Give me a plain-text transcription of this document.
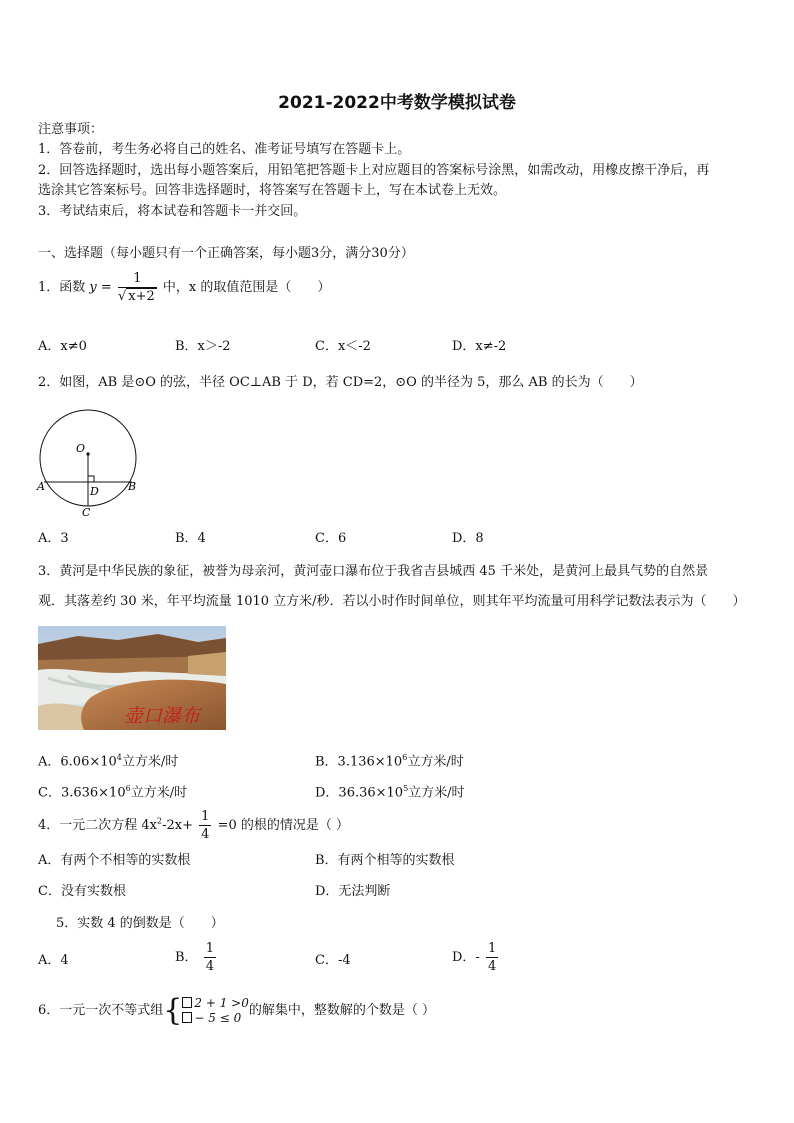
2021-2022中考数学模拟试卷
注意事项：
1．答卷前，考生务必将自己的姓名、准考证号填写在答题卡上。
2．回答选择题时，选出每小题答案后，用铅笔把答题卡上对应题目的答案标号涂黑，如需改动，用橡皮擦干净后，再
选涂其它答案标号。回答非选择题时，将答案写在答题卡上，写在本试卷上无效。
3．考试结束后，将本试卷和答题卡一并交回。
一、选择题（每小题只有一个正确答案，每小题3分，满分30分）
1．函数 $y = \frac{1}{√ x+2}$ 中，x 的取值范围是（　　）
A．x≠0	B．x＞-2	C．x＜-2	D．x≠-2
2．如图，AB 是⊙O 的弦，半径 OC⊥AB 于 D，若 CD=2，⊙O 的半径为 5，那么 AB 的长为（　　）
O
A	D	B
C
A．3	B．4	C．6	D．8
3．黄河是中华民族的象征，被誉为母亲河，黄河壶口瀑布位于我省吉县城西 45 千米处，是黄河上最具气势的自然景
观．其落差约 30 米，年平均流量 1010 立方米/秒．若以小时作时间单位，则其年平均流量可用科学记数法表示为（　　）
壶口瀑布
A．$6.06\times 10^4$立方米/时	B．$3.136\times 10^6$立方米/时
C．$3.636\times 10^6$立方米/时	D．$36.36\times 10^5$立方米/时
4．一元二次方程 $4x^2-2x+ \frac{1}{4} =0$ 的根的情况是（ ）
A．有两个不相等的实数根	B．有两个相等的实数根
C．没有实数根	D．无法判断
5．实数 4 的倒数是（　　）
A．4	B． $\frac{1}{4}$	C．-4	D．- $\frac{1}{4}$
6．一元一次不等式组{	2 + 1 >0
− 5 ≤ 0 的解集中，整数解的个数是（ ）
